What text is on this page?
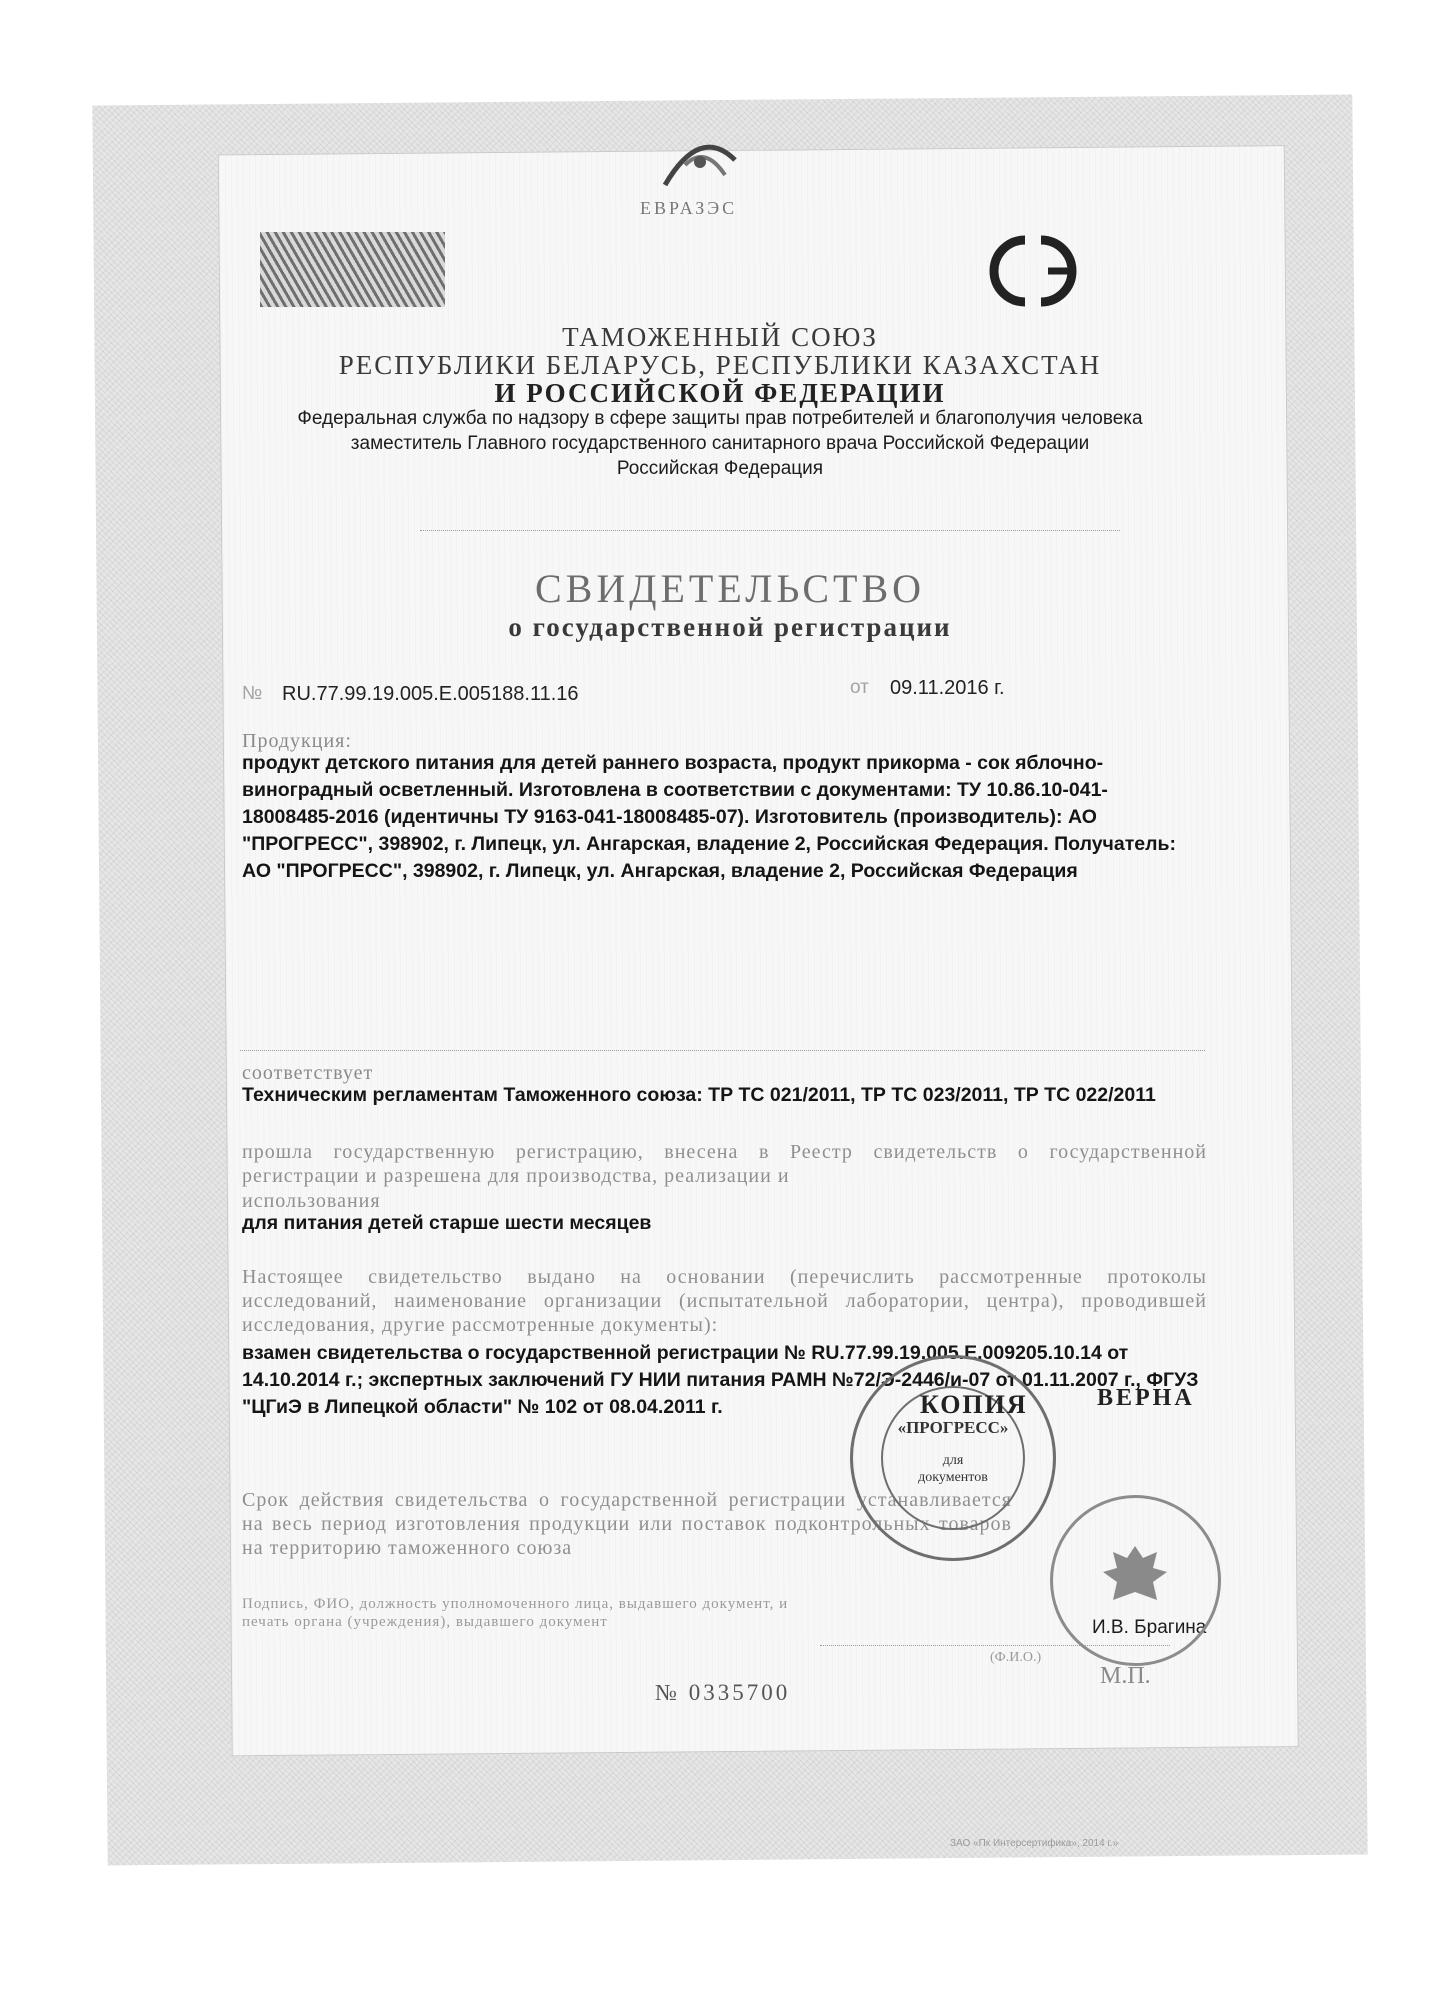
ЕВРАЗЭС
ТАМОЖЕННЫЙ СОЮЗ
РЕСПУБЛИКИ БЕЛАРУСЬ, РЕСПУБЛИКИ КАЗАХСТАН
И РОССИЙСКОЙ ФЕДЕРАЦИИ
Федеральная служба по надзору в сфере защиты прав потребителей и благополучия человека
заместитель Главного государственного санитарного врача Российской Федерации
Российская Федерация
СВИДЕТЕЛЬСТВО
о государственной регистрации
№ RU.77.99.19.005.E.005188.11.16	от 09.11.2016 г.
Продукция:
продукт детского питания для детей раннего возраста, продукт прикорма - сок яблочно-виноградный осветленный. Изготовлена в соответствии с документами: ТУ 10.86.10-041-18008485-2016 (идентичны ТУ 9163-041-18008485-07). Изготовитель (производитель): АО "ПРОГРЕСС", 398902, г. Липецк, ул. Ангарская, владение 2, Российская Федерация. Получатель: АО "ПРОГРЕСС", 398902, г. Липецк, ул. Ангарская, владение 2, Российская Федерация
соответствует
Техническим регламентам Таможенного союза: ТР ТС 021/2011, ТР ТС 023/2011, ТР ТС 022/2011
прошла государственную регистрацию, внесена в Реестр свидетельств о государственной регистрации и разрешена для производства, реализации и
использования
для питания детей старше шести месяцев
Настоящее свидетельство выдано на основании (перечислить рассмотренные протоколы исследований, наименование организации (испытательной лаборатории, центра), проводившей исследования, другие рассмотренные документы):
взамен свидетельства о государственной регистрации № RU.77.99.19.005.E.009205.10.14 от 14.10.2014 г.; экспертных заключений ГУ НИИ питания РАМН №72/Э-2446/и-07 от 01.11.2007 г., ФГУЗ "ЦГиЭ в Липецкой области" № 102 от 08.04.2011 г.
Срок действия свидетельства о государственной регистрации устанавливается на весь период изготовления продукции или поставок подконтрольных товаров на территорию таможенного союза
Подпись, ФИО, должность уполномоченного лица, выдавшего документ, и печать органа (учреждения), выдавшего документ	И.В. Брагина
(Ф.И.О.)
М.П.
«ПРОГРЕСС»
для
документов
КОПИЯ	ВЕРНА
№ 0335700
ЗАО «Пк Интерсертифика», 2014 г.»
